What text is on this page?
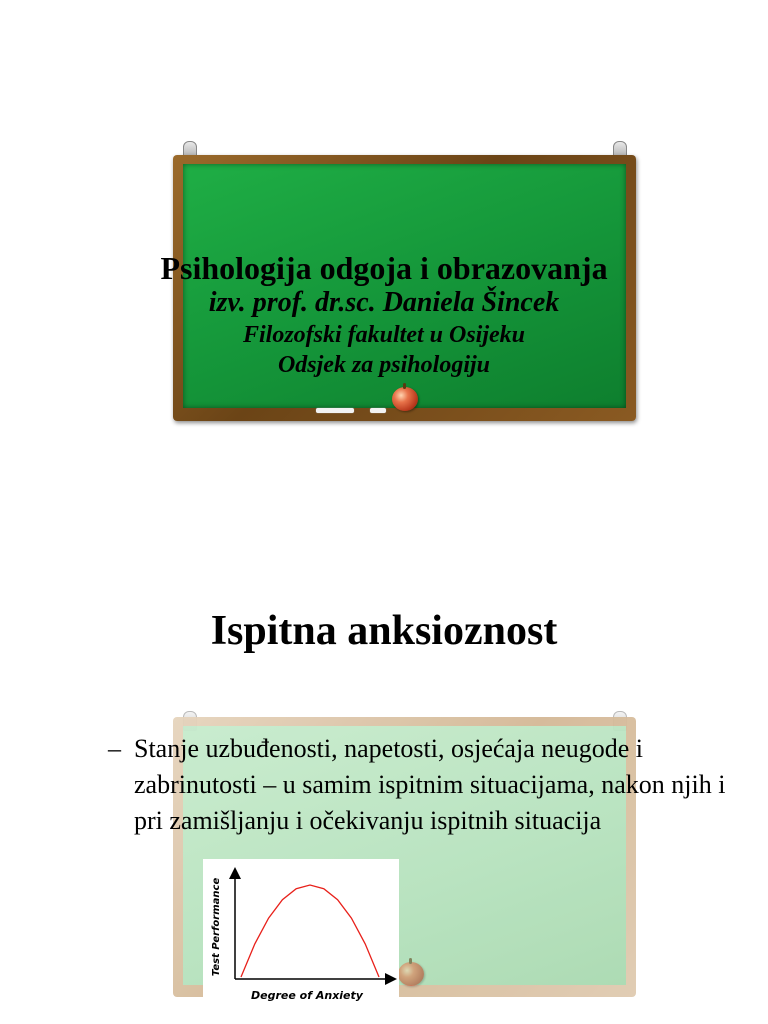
Psihologija odgoja i obrazovanja
izv. prof. dr.sc. Daniela Šincek
Filozofski fakultet u Osijeku
Odsjek za psihologiju
Ispitna anksioznost
– Stanje uzbuđenosti, napetosti, osjećaja neugode i zabrinutosti – u samim ispitnim situacijama, nakon njih i pri zamišljanju i očekivanju ispitnih situacija
Degree of Anxiety
Test Performance
